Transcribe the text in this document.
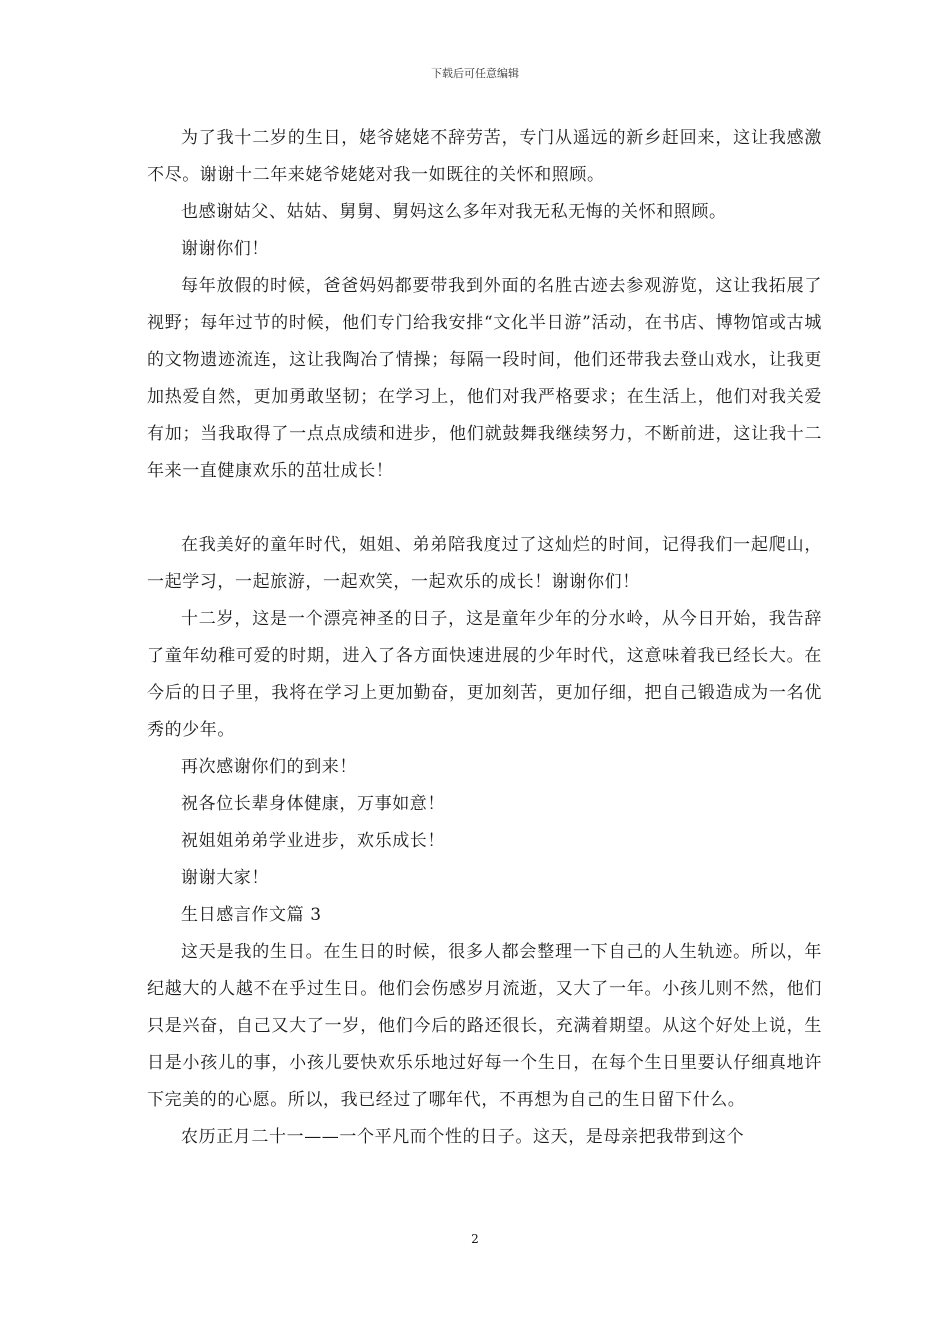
下载后可任意编辑

为了我十二岁的生日，姥爷姥姥不辞劳苦，专门从遥远的新乡赶回来，这让我感激不尽。谢谢十二年来姥爷姥姥对我一如既往的关怀和照顾。

也感谢姑父、姑姑、舅舅、舅妈这么多年对我无私无悔的关怀和照顾。

谢谢你们！

每年放假的时候，爸爸妈妈都要带我到外面的名胜古迹去参观游览，这让我拓展了视野；每年过节的时候，他们专门给我安排“文化半日游”活动，在书店、博物馆或古城的文物遗迹流连，这让我陶冶了情操；每隔一段时间，他们还带我去登山戏水，让我更加热爱自然，更加勇敢坚韧；在学习上，他们对我严格要求；在生活上，他们对我关爱有加；当我取得了一点点成绩和进步，他们就鼓舞我继续努力，不断前进，这让我十二年来一直健康欢乐的茁壮成长！

在我美好的童年时代，姐姐、弟弟陪我度过了这灿烂的时间，记得我们一起爬山，一起学习，一起旅游，一起欢笑，一起欢乐的成长！谢谢你们！

十二岁，这是一个漂亮神圣的日子，这是童年少年的分水岭，从今日开始，我告辞了童年幼稚可爱的时期，进入了各方面快速进展的少年时代，这意味着我已经长大。在今后的日子里，我将在学习上更加勤奋，更加刻苦，更加仔细，把自己锻造成为一名优秀的少年。

再次感谢你们的到来！

祝各位长辈身体健康，万事如意！

祝姐姐弟弟学业进步，欢乐成长！

谢谢大家！

生日感言作文篇 3

这天是我的生日。在生日的时候，很多人都会整理一下自己的人生轨迹。所以，年纪越大的人越不在乎过生日。他们会伤感岁月流逝，又大了一年。小孩儿则不然，他们只是兴奋，自己又大了一岁，他们今后的路还很长，充满着期望。从这个好处上说，生日是小孩儿的事，小孩儿要快欢乐乐地过好每一个生日，在每个生日里要认仔细真地许下完美的的心愿。所以，我已经过了哪年代，不再想为自己的生日留下什么。

农历正月二十一——一个平凡而个性的日子。这天，是母亲把我带到这个

2
